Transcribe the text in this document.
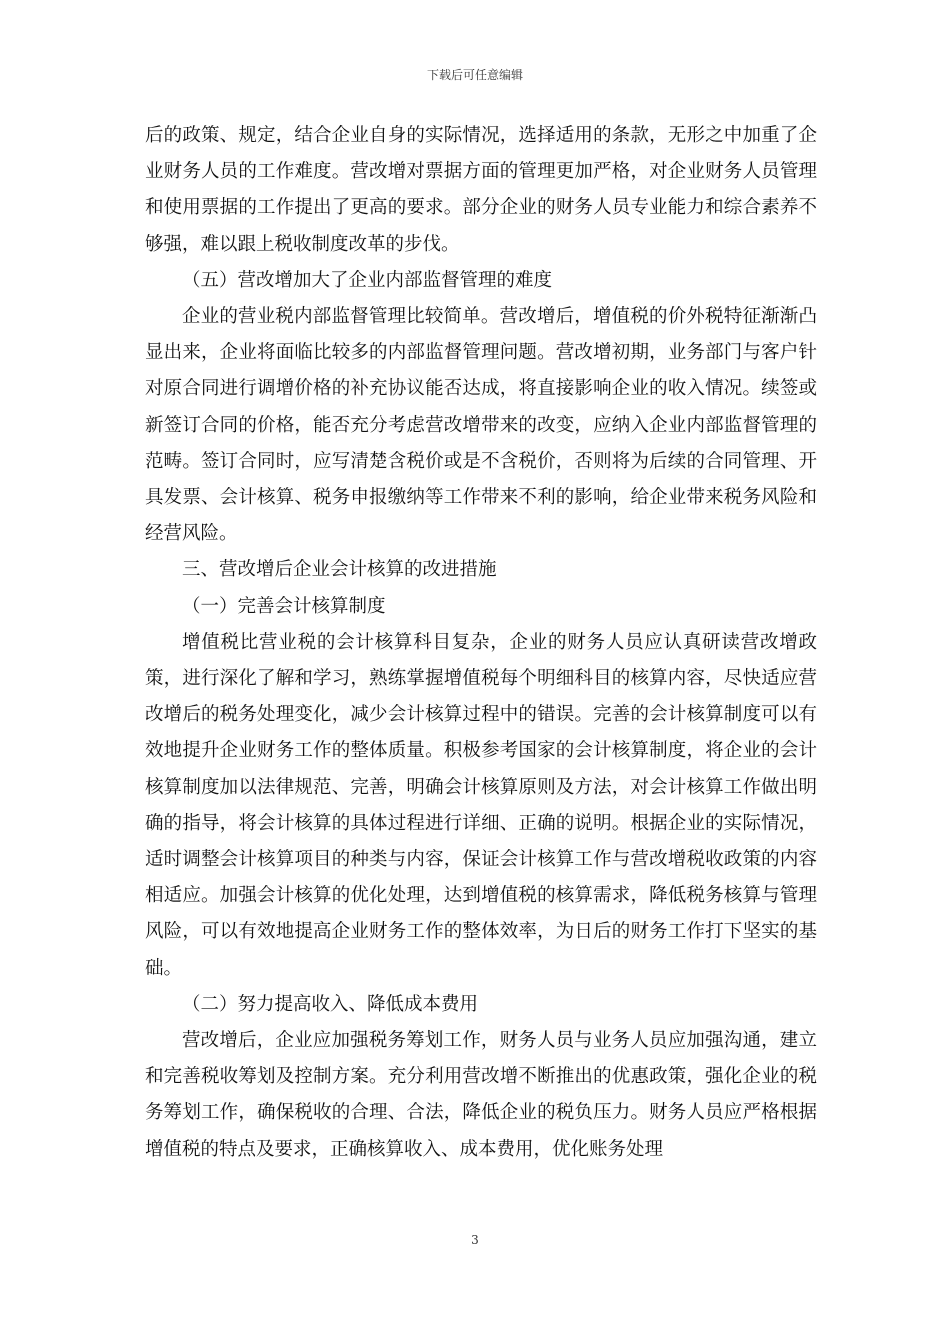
下载后可任意编辑

后的政策、规定，结合企业自身的实际情况，选择适用的条款，无形之中加重了企业财务人员的工作难度。营改增对票据方面的管理更加严格，对企业财务人员管理和使用票据的工作提出了更高的要求。部分企业的财务人员专业能力和综合素养不够强，难以跟上税收制度改革的步伐。

（五）营改增加大了企业内部监督管理的难度

企业的营业税内部监督管理比较简单。营改增后，增值税的价外税特征渐渐凸显出来，企业将面临比较多的内部监督管理问题。营改增初期，业务部门与客户针对原合同进行调增价格的补充协议能否达成，将直接影响企业的收入情况。续签或新签订合同的价格，能否充分考虑营改增带来的改变，应纳入企业内部监督管理的范畴。签订合同时，应写清楚含税价或是不含税价，否则将为后续的合同管理、开具发票、会计核算、税务申报缴纳等工作带来不利的影响，给企业带来税务风险和经营风险。

三、营改增后企业会计核算的改进措施

（一）完善会计核算制度

增值税比营业税的会计核算科目复杂，企业的财务人员应认真研读营改增政策，进行深化了解和学习，熟练掌握增值税每个明细科目的核算内容，尽快适应营改增后的税务处理变化，减少会计核算过程中的错误。完善的会计核算制度可以有效地提升企业财务工作的整体质量。积极参考国家的会计核算制度，将企业的会计核算制度加以法律规范、完善，明确会计核算原则及方法，对会计核算工作做出明确的指导，将会计核算的具体过程进行详细、正确的说明。根据企业的实际情况，适时调整会计核算项目的种类与内容，保证会计核算工作与营改增税收政策的内容相适应。加强会计核算的优化处理，达到增值税的核算需求，降低税务核算与管理风险，可以有效地提高企业财务工作的整体效率，为日后的财务工作打下坚实的基础。

（二）努力提高收入、降低成本费用

营改增后，企业应加强税务筹划工作，财务人员与业务人员应加强沟通，建立和完善税收筹划及控制方案。充分利用营改增不断推出的优惠政策，强化企业的税务筹划工作，确保税收的合理、合法，降低企业的税负压力。财务人员应严格根据增值税的特点及要求，正确核算收入、成本费用，优化账务处理

3
